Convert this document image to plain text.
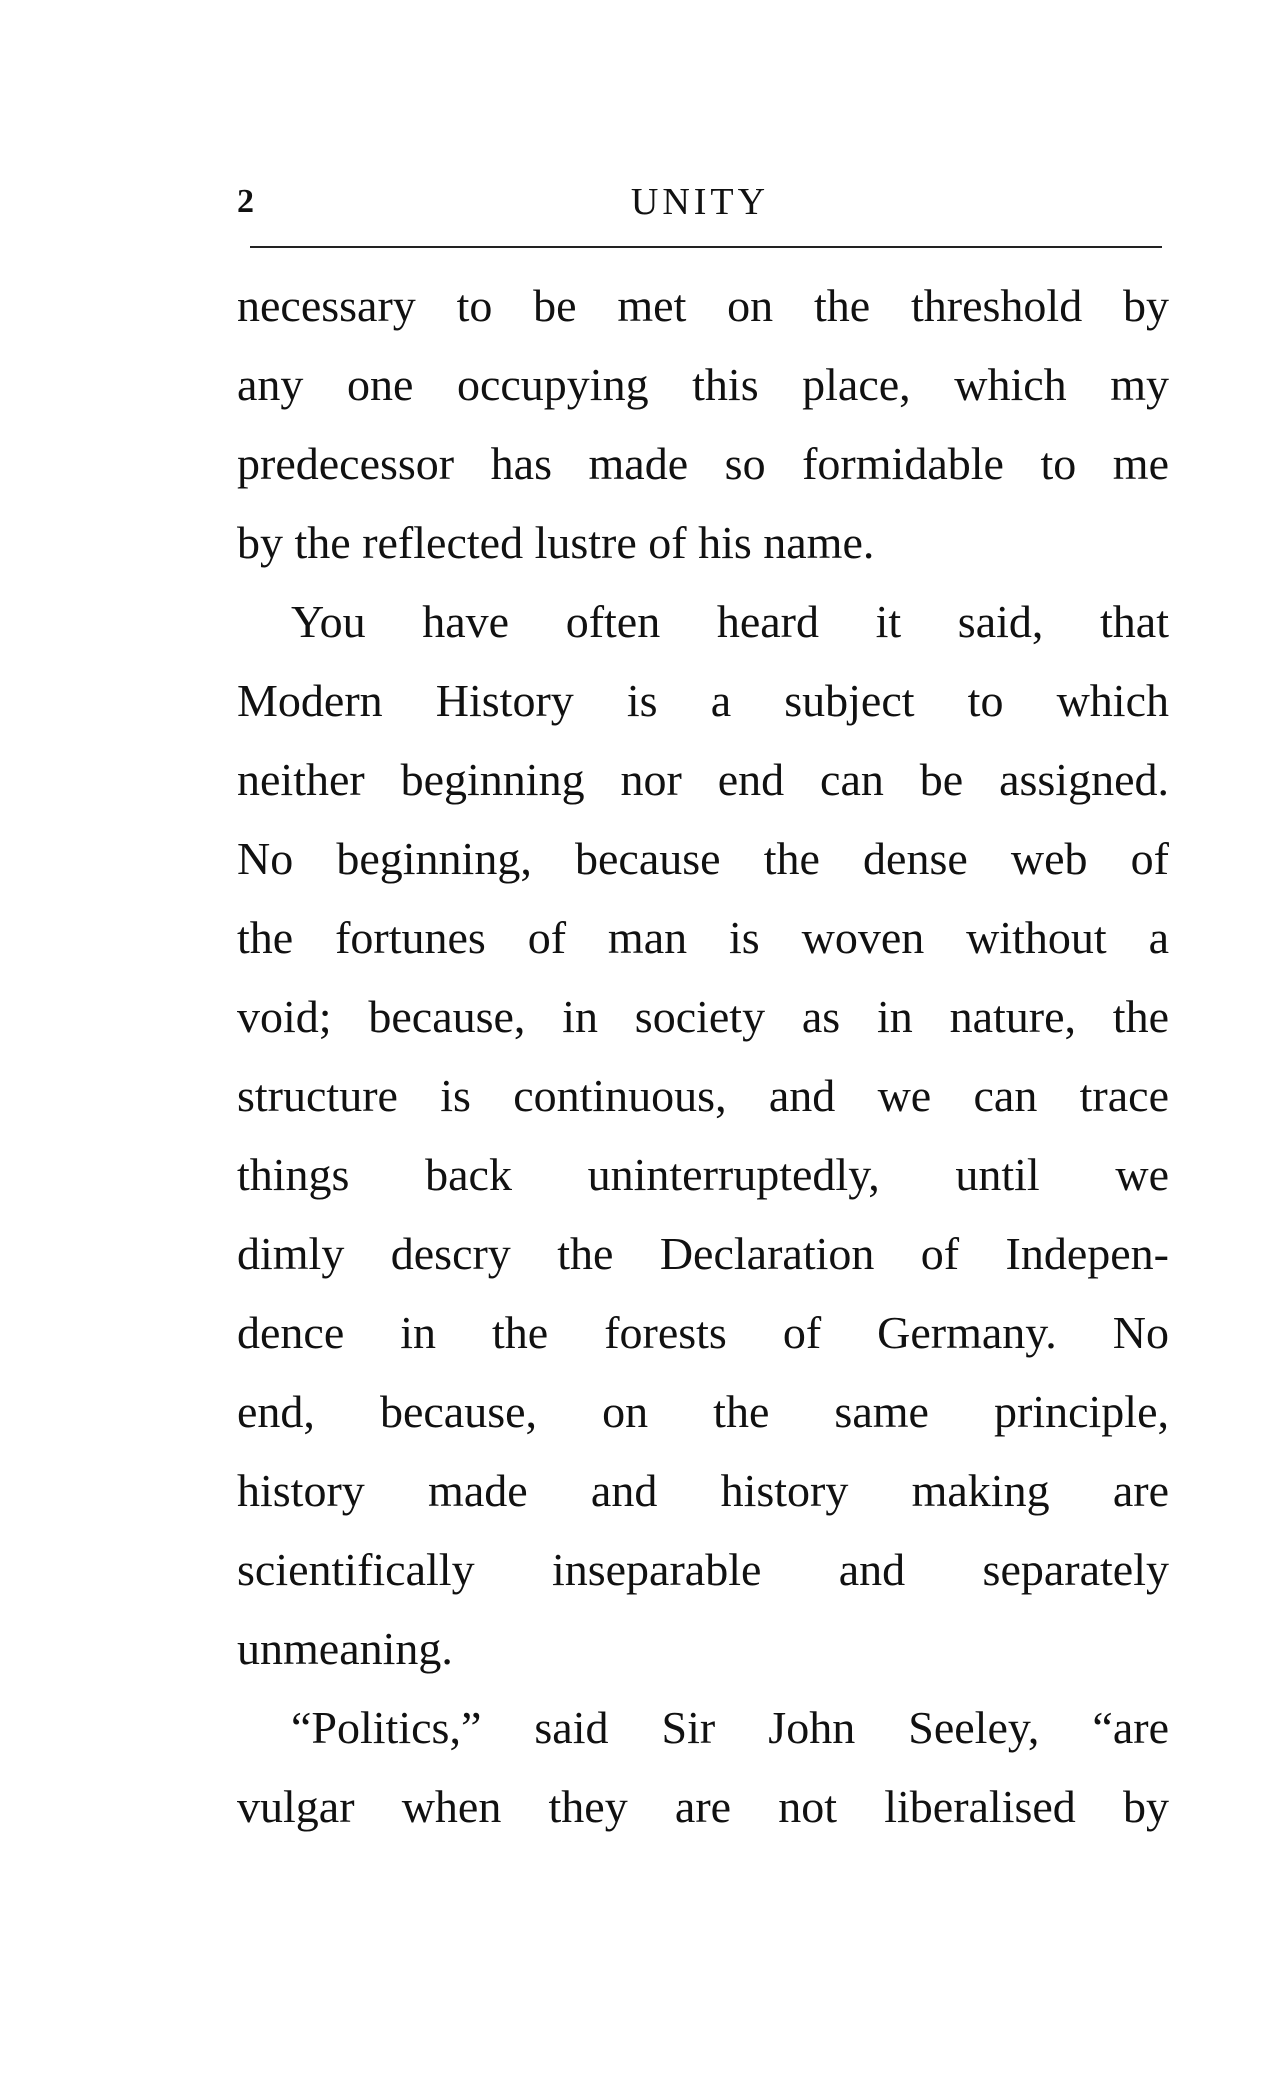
2	UNITY
necessary to be met on the threshold by
any one occupying this place, which my
predecessor has made so formidable to me
by the reflected lustre of his name.
You have often heard it said, that
Modern History is a subject to which
neither beginning nor end can be assigned.
No beginning, because the dense web of
the fortunes of man is woven without a
void; because, in society as in nature, the
structure is continuous, and we can trace
things back uninterruptedly, until we
dimly descry the Declaration of Indepen-
dence in the forests of Germany. No
end, because, on the same principle,
history made and history making are
scientifically inseparable and separately
unmeaning.
“Politics,” said Sir John Seeley, “are
vulgar when they are not liberalised by
